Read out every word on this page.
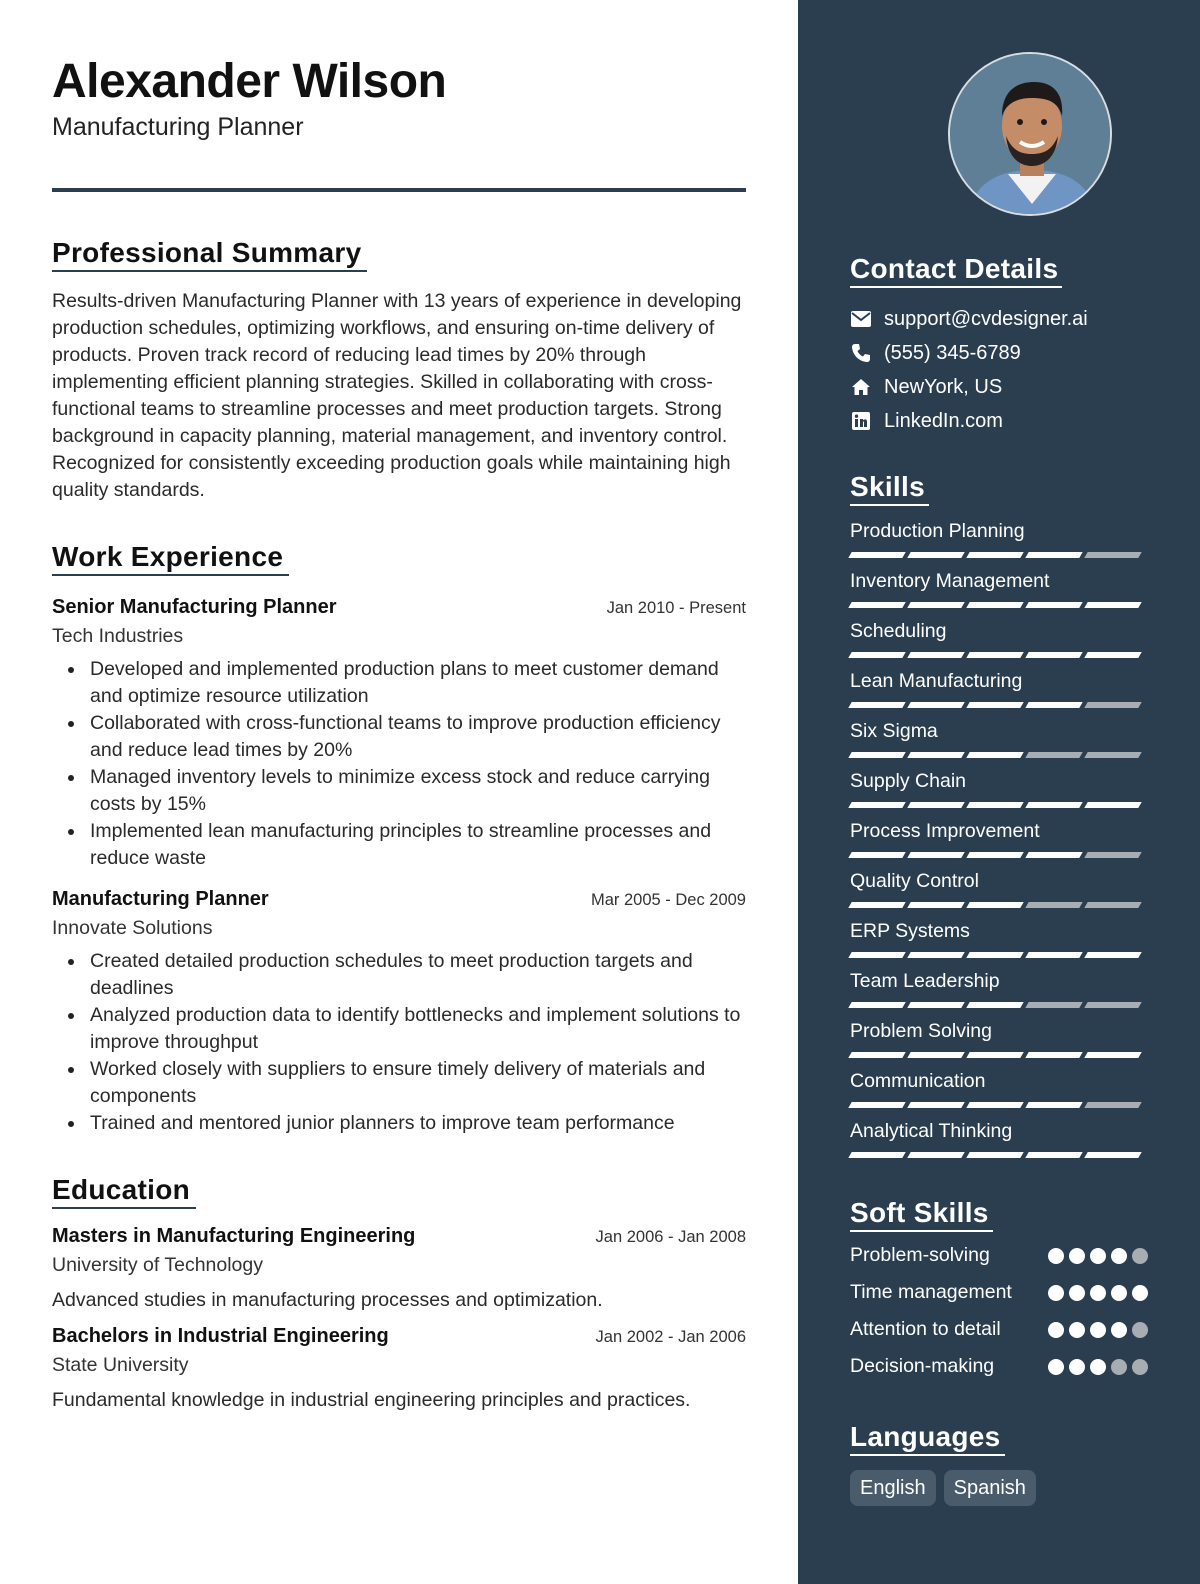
Alexander Wilson
Manufacturing Planner
Professional Summary

Results-driven Manufacturing Planner with 13 years of experience in developing production schedules, optimizing workflows, and ensuring on-time delivery of products. Proven track record of reducing lead times by 20% through implementing efficient planning strategies. Skilled in collaborating with cross-functional teams to streamline processes and meet production targets. Strong background in capacity planning, material management, and inventory control. Recognized for consistently exceeding production goals while maintaining high quality standards.

Work Experience
Senior Manufacturing Planner	Jan 2010 - Present
Tech Industries
Developed and implemented production plans to meet customer demand and optimize resource utilization
Collaborated with cross-functional teams to improve production efficiency and reduce lead times by 20%
Managed inventory levels to minimize excess stock and reduce carrying costs by 15%
Implemented lean manufacturing principles to streamline processes and reduce waste
Manufacturing Planner	Mar 2005 - Dec 2009
Innovate Solutions
Created detailed production schedules to meet production targets and deadlines
Analyzed production data to identify bottlenecks and implement solutions to improve throughput
Worked closely with suppliers to ensure timely delivery of materials and components
Trained and mentored junior planners to improve team performance
Education
Masters in Manufacturing Engineering	Jan 2006 - Jan 2008
University of Technology
Advanced studies in manufacturing processes and optimization.
Bachelors in Industrial Engineering	Jan 2002 - Jan 2006
State University
Fundamental knowledge in industrial engineering principles and practices.
Contact Details
support@cvdesigner.ai
(555) 345-6789
NewYork, US
LinkedIn.com
Skills
Production Planning
Inventory Management
Scheduling
Lean Manufacturing
Six Sigma
Supply Chain
Process Improvement
Quality Control
ERP Systems
Team Leadership
Problem Solving
Communication
Analytical Thinking
Soft Skills
Problem-solving
Time management
Attention to detail
Decision-making
Languages
English	Spanish
